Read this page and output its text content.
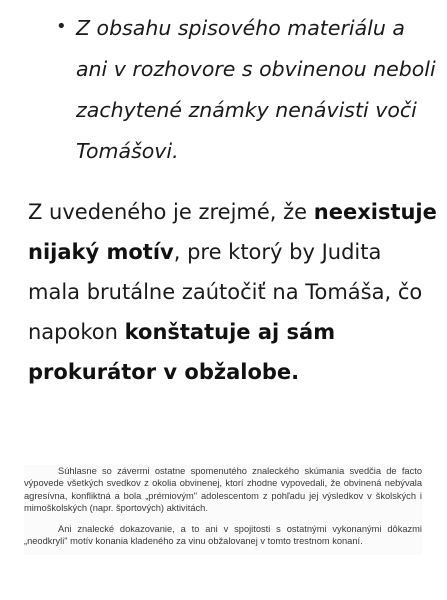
• Z obsahu spisového materiálu a ani v rozhovore s obvinenou neboli zachytené známky nenávisti voči Tomášovi.
Z uvedeného je zrejmé, že neexistuje nijaký motív, pre ktorý by Judita mala brutálne zaútočiť na Tomáša, čo napokon konštatuje aj sám prokurátor v obžalobe.

Súhlasne so závermi ostatne spomenutého znaleckého skúmania svedčia de facto výpovede všetkých svedkov z okolia obvinenej, ktorí zhodne vypovedali, že obvinená nebývala agresívna, konfliktná a bola „prémiovým" adolescentom z pohľadu jej výsledkov v školských i mimoškolských (napr. športových) aktivitách.

Ani znalecké dokazovanie, a to ani v spojitosti s ostatnými vykonanými dôkazmi „neodkryli" motív konania kladeného za vinu obžalovanej v tomto trestnom konaní.
